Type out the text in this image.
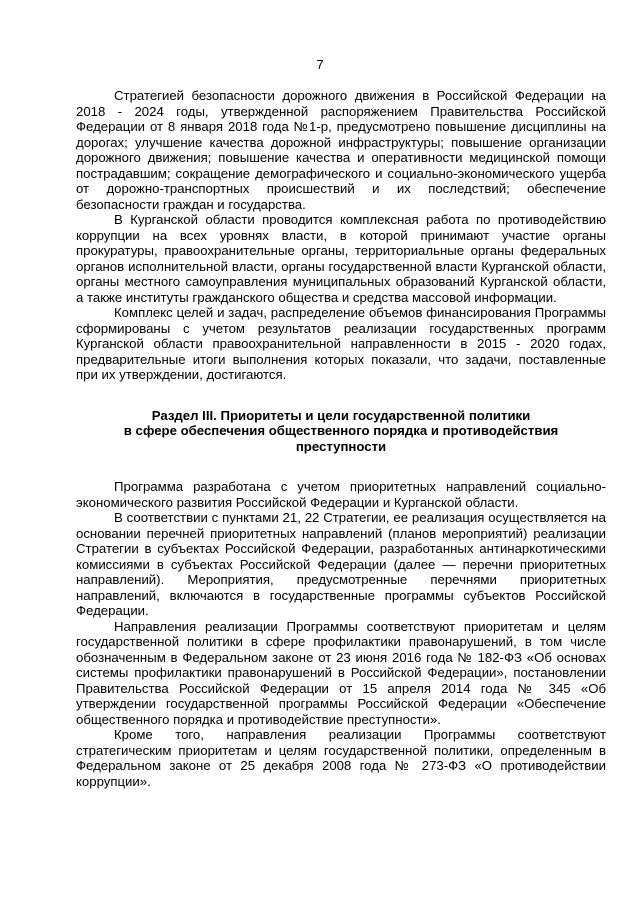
7

Стратегией безопасности дорожного движения в Российской Федерации на 2018 - 2024 годы, утвержденной распоряжением Правительства Российской Федерации от 8 января 2018 года №1-р, предусмотрено повышение дисциплины на дорогах; улучшение качества дорожной инфраструктуры; повышение организации дорожного движения; повышение качества и оперативности медицинской помощи пострадавшим; сокращение демографического и социально-экономического ущерба от дорожно-транспортных происшествий и их последствий; обеспечение безопасности граждан и государства.

В Курганской области проводится комплексная работа по противодействию коррупции на всех уровнях власти, в которой принимают участие органы прокуратуры, правоохранительные органы, территориальные органы федеральных органов исполнительной власти, органы государственной власти Курганской области, органы местного самоуправления муниципальных образований Курганской области, а также институты гражданского общества и средства массовой информации.

Комплекс целей и задач, распределение объемов финансирования Программы сформированы с учетом результатов реализации государственных программ Курганской области правоохранительной направленности в 2015 - 2020 годах, предварительные итоги выполнения которых показали, что задачи, поставленные при их утверждении, достигаются.

Раздел III. Приоритеты и цели государственной политики
в сфере обеспечения общественного порядка и противодействия
преступности

Программа разработана с учетом приоритетных направлений социально-экономического развития Российской Федерации и Курганской области.

В соответствии с пунктами 21, 22 Стратегии, ее реализация осуществляется на основании перечней приоритетных направлений (планов мероприятий) реализации Стратегии в субъектах Российской Федерации, разработанных антинаркотическими комиссиями в субъектах Российской Федерации (далее — перечни приоритетных направлений). Мероприятия, предусмотренные перечнями приоритетных направлений, включаются в государственные программы субъектов Российской Федерации.

Направления реализации Программы соответствуют приоритетам и целям государственной политики в сфере профилактики правонарушений, в том числе обозначенным в Федеральном законе от 23 июня 2016 года № 182-ФЗ «Об основах системы профилактики правонарушений в Российской Федерации», постановлении Правительства Российской Федерации от 15 апреля 2014 года № 345 «Об утверждении государственной программы Российской Федерации «Обеспечение общественного порядка и противодействие преступности».

Кроме того, направления реализации Программы соответствуют стратегическим приоритетам и целям государственной политики, определенным в Федеральном законе от 25 декабря 2008 года № 273-ФЗ «О противодействии коррупции».
